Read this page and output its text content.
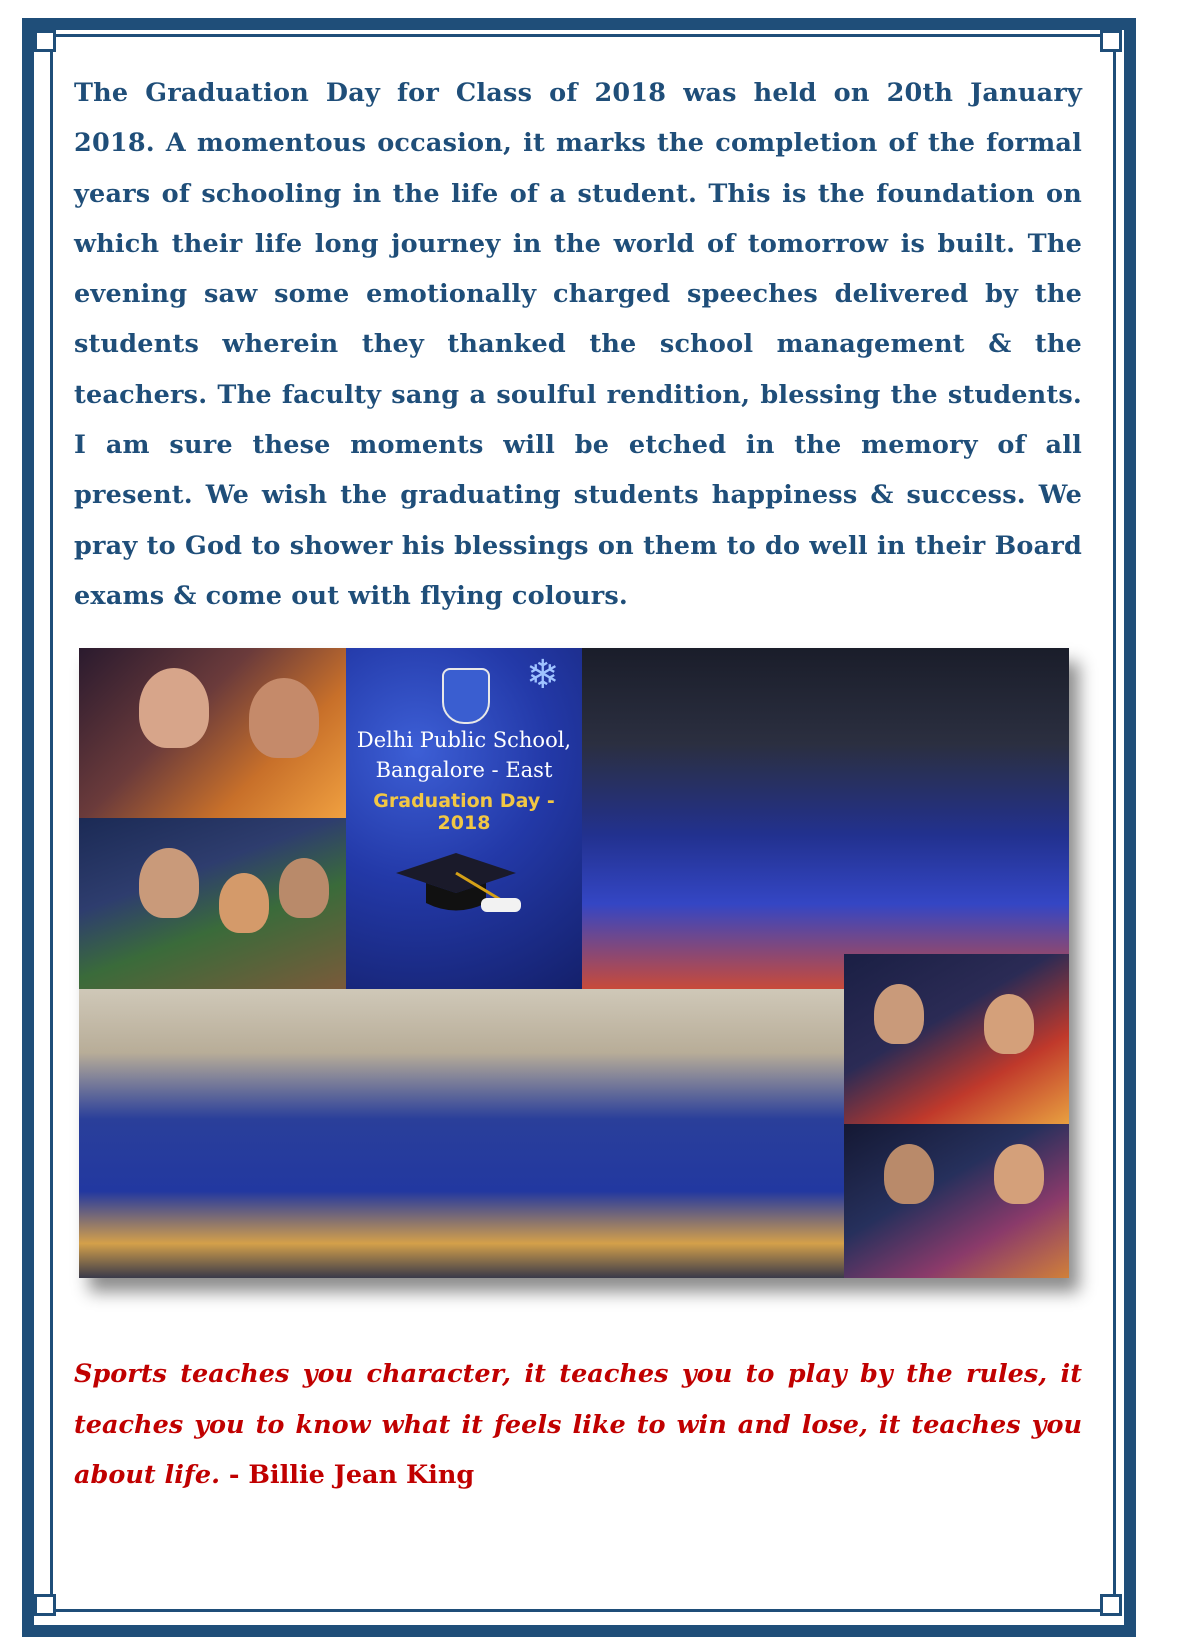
The Graduation Day for Class of 2018 was held on 20th January 2018. A momentous occasion, it marks the completion of the formal years of schooling in the life of a student. This is the foundation on which their life long journey in the world of tomorrow is built. The evening saw some emotionally charged speeches delivered by the students wherein they thanked the school management & the teachers. The faculty sang a soulful rendition, blessing the students. I am sure these moments will be etched in the memory of all present. We wish the graduating students happiness & success. We pray to God to shower his blessings on them to do well in their Board exams & come out with flying colours.

❄
Delhi Public School,
Bangalore - East
Graduation Day - 2018

Sports teaches you character, it teaches you to play by the rules, it teaches you to know what it feels like to win and lose, it teaches you about life. - Billie Jean King
